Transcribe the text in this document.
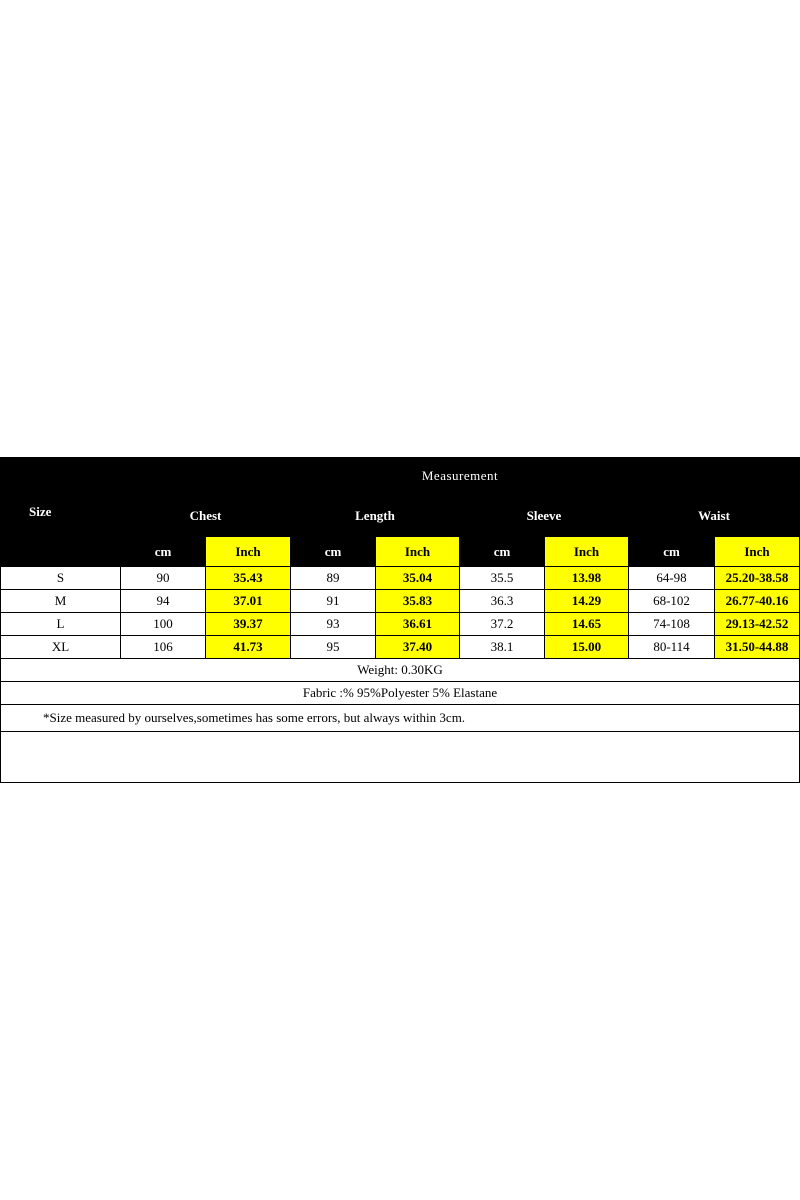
Size	Measurement							
	Chest		Length		Sleeve		Waist	
	cm	Inch	cm	Inch	cm	Inch	cm	Inch
S	90	35.43	89	35.04	35.5	13.98	64-98	25.20-38.58
M	94	37.01	91	35.83	36.3	14.29	68-102	26.77-40.16
L	100	39.37	93	36.61	37.2	14.65	74-108	29.13-42.52
XL	106	41.73	95	37.40	38.1	15.00	80-114	31.50-44.88
Weight: 0.30KG								
Fabric :% 95%Polyester 5% Elastane								
*Size measured by ourselves,sometimes has some errors, but always within 3cm.								
